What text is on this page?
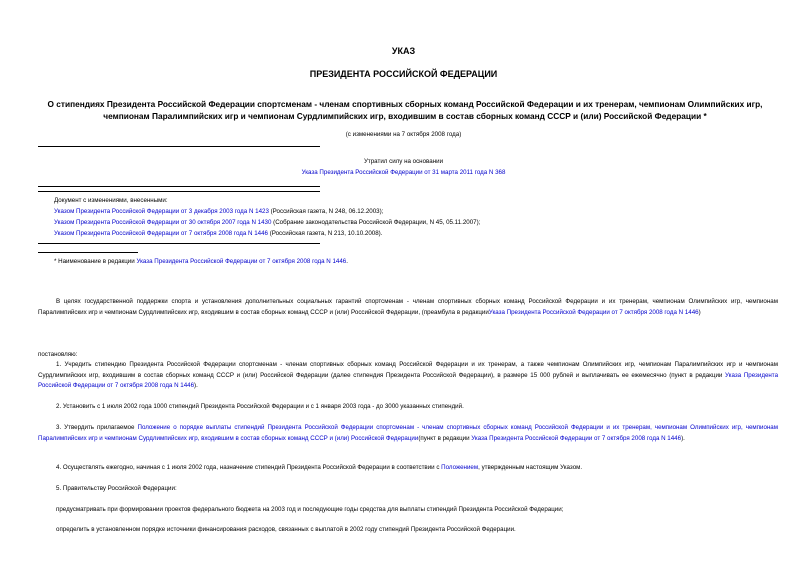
УКАЗ
ПРЕЗИДЕНТА РОССИЙСКОЙ ФЕДЕРАЦИИ
О стипендиях Президента Российской Федерации спортсменам - членам спортивных сборных команд Российской Федерации и их тренерам, чемпионам Олимпийских игр, чемпионам Паралимпийских игр и чемпионам Сурдлимпийских игр, входившим в состав сборных команд СССР и (или) Российской Федерации *
(с изменениями на 7 октября 2008 года)
Утратил силу на основании
Указа Президента Российской Федерации от 31 марта 2011 года N 368
Документ с изменениями, внесенными:
Указом Президента Российской Федерации от 3 декабря 2003 года N 1423 (Российская газета, N 248, 06.12.2003);
Указом Президента Российской Федерации от 30 октября 2007 года N 1430 (Собрание законодательства Российской Федерации, N 45, 05.11.2007);
Указом Президента Российской Федерации от 7 октября 2008 года N 1446 (Российская газета, N 213, 10.10.2008).
* Наименование в редакции Указа Президента Российской Федерации от 7 октября 2008 года N 1446.
В целях государственной поддержки спорта и установления дополнительных социальных гарантий спортсменам - членам спортивных сборных команд Российской Федерации и их тренерам, чемпионам Олимпийских игр, чемпионам Паралимпийских игр и чемпионам Сурдлимпийских игр, входившим в состав сборных команд СССР и (или) Российской Федерации, (преамбула в редакцииУказа Президента Российской Федерации от 7 октября 2008 года N 1446)
постановляю:
1. Учредить стипендию Президента Российской Федерации спортсменам - членам спортивных сборных команд Российской Федерации и их тренерам, а также чемпионам Олимпийских игр, чемпионам Паралимпийских игр и чемпионам Сурдлимпийских игр, входившим в состав сборных команд СССР и (или) Российской Федерации (далее стипендия Президента Российской Федерации), в размере 15 000 рублей и выплачивать ее ежемесячно (пункт в редакции Указа Президента Российской Федерации от 7 октября 2008 года N 1446).
2. Установить с 1 июля 2002 года 1000 стипендий Президента Российской Федерации и с 1 января 2003 года - до 3000 указанных стипендий.
3. Утвердить прилагаемое Положение о порядке выплаты стипендий Президента Российской Федерации спортсменам - членам спортивных сборных команд Российской Федерации и их тренерам, чемпионам Олимпийских игр, чемпионам Паралимпийских игр и чемпионам Сурдлимпийских игр, входившим в состав сборных команд СССР и (или) Российской Федерации(пункт в редакции Указа Президента Российской Федерации от 7 октября 2008 года N 1446).
4. Осуществлять ежегодно, начиная с 1 июля 2002 года, назначение стипендий Президента Российской Федерации в соответствии с Положением, утвержденным настоящим Указом.
5. Правительству Российской Федерации:
предусматривать при формировании проектов федерального бюджета на 2003 год и последующие годы средства для выплаты стипендий Президента Российской Федерации;
определить в установленном порядке источники финансирования расходов, связанных с выплатой в 2002 году стипендий Президента Российской Федерации.
